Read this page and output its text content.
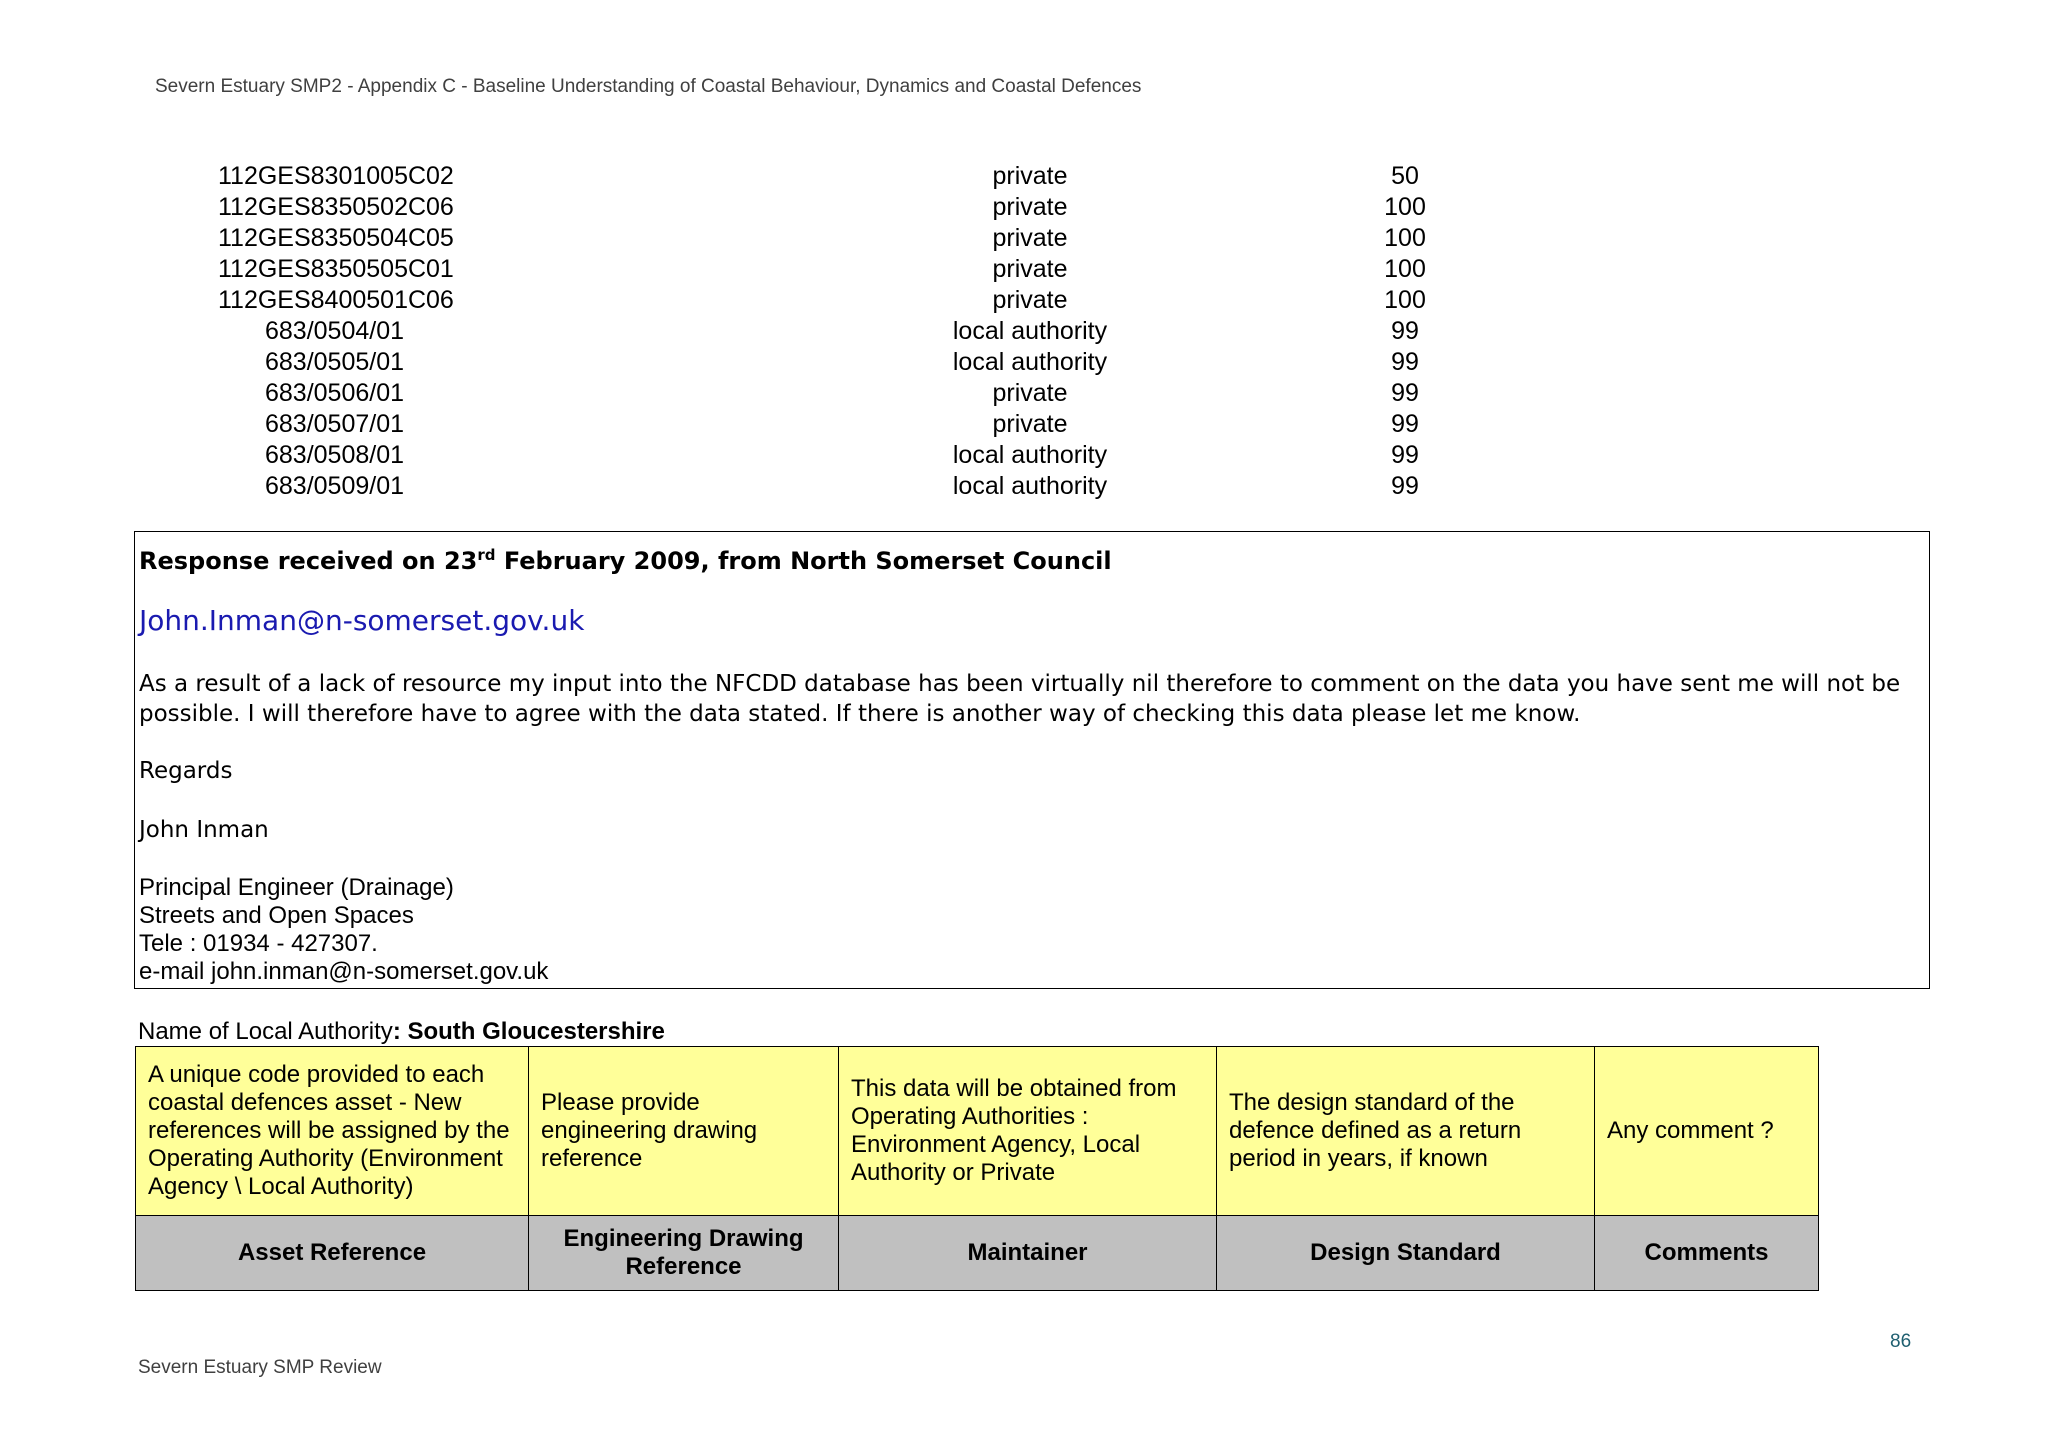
Severn Estuary SMP2 - Appendix C - Baseline Understanding of Coastal Behaviour, Dynamics and Coastal Defences
112GES8301005C02	private	50
112GES8350502C06	private	100
112GES8350504C05	private	100
112GES8350505C01	private	100
112GES8400501C06	private	100
683/0504/01	local authority	99
683/0505/01	local authority	99
683/0506/01	private	99
683/0507/01	private	99
683/0508/01	local authority	99
683/0509/01	local authority	99
Response received on 23rd February 2009, from North Somerset Council
John.Inman@n-somerset.gov.uk
As a result of a lack of resource my input into the NFCDD database has been virtually nil therefore to comment on the data you have sent me will not be possible. I will therefore have to agree with the data stated. If there is another way of checking this data please let me know.
Regards
John Inman
Principal Engineer (Drainage)
Streets and Open Spaces
Tele : 01934 - 427307.
e-mail john.inman@n-somerset.gov.uk
Name of Local Authority: South Gloucestershire
A unique code provided to each coastal defences asset - New references will be assigned by the Operating Authority (Environment Agency \ Local Authority)	Please provide engineering drawing reference	This data will be obtained from Operating Authorities : Environment Agency, Local Authority or Private	The design standard of the defence defined as a return period in years, if known	Any comment ?
Asset Reference	Engineering Drawing Reference	Maintainer	Design Standard	Comments
86
Severn Estuary SMP Review
